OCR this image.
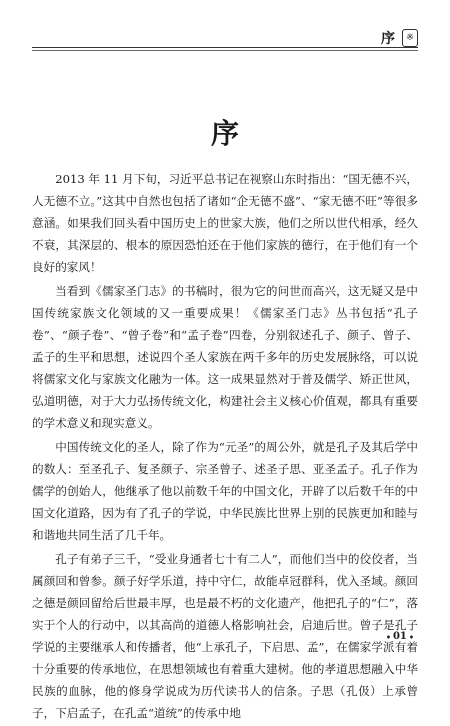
序	※
序

2013 年 11 月下旬，习近平总书记在视察山东时指出：“国无德不兴，人无德不立。”这其中自然也包括了诸如“企无德不盛”、“家无德不旺”等很多意涵。如果我们回头看中国历史上的世家大族，他们之所以世代相承，经久不衰，其深层的、根本的原因恐怕还在于他们家族的德行，在于他们有一个良好的家风！

当看到《儒家圣门志》的书稿时，很为它的问世而高兴，这无疑又是中国传统家族文化领域的又一重要成果！《儒家圣门志》丛书包括“孔子卷”、“颜子卷”、“曾子卷”和“孟子卷”四卷，分别叙述孔子、颜子、曾子、孟子的生平和思想，述说四个圣人家族在两千多年的历史发展脉络，可以说将儒家文化与家族文化融为一体。这一成果显然对于普及儒学、矫正世风，弘道明德，对于大力弘扬传统文化，构建社会主义核心价值观，都具有重要的学术意义和现实意义。

中国传统文化的圣人，除了作为“元圣”的周公外，就是孔子及其后学中的数人：至圣孔子、复圣颜子、宗圣曾子、述圣子思、亚圣孟子。孔子作为儒学的创始人，他继承了他以前数千年的中国文化，开辟了以后数千年的中国文化道路，因为有了孔子的学说，中华民族比世界上别的民族更加和睦与和谐地共同生活了几千年。

孔子有弟子三千，“受业身通者七十有二人”，而他们当中的佼佼者，当属颜回和曾参。颜子好学乐道，持中守仁，故能卓冠群科，优入圣域。颜回之德是颜回留给后世最丰厚，也是最不朽的文化遗产，他把孔子的“仁”，落实于个人的行动中，以其高尚的道德人格影响社会，启迪后世。曾子是孔子学说的主要继承人和传播者，他“上承孔子，下启思、孟”，在儒家学派有着十分重要的传承地位，在思想领域也有着重大建树。他的孝道思想融入中华民族的血脉，他的修身学说成为历代读书人的信条。子思（孔伋）上承曾子，下启孟子，在孔孟“道统”的传承中地

• 01 •
